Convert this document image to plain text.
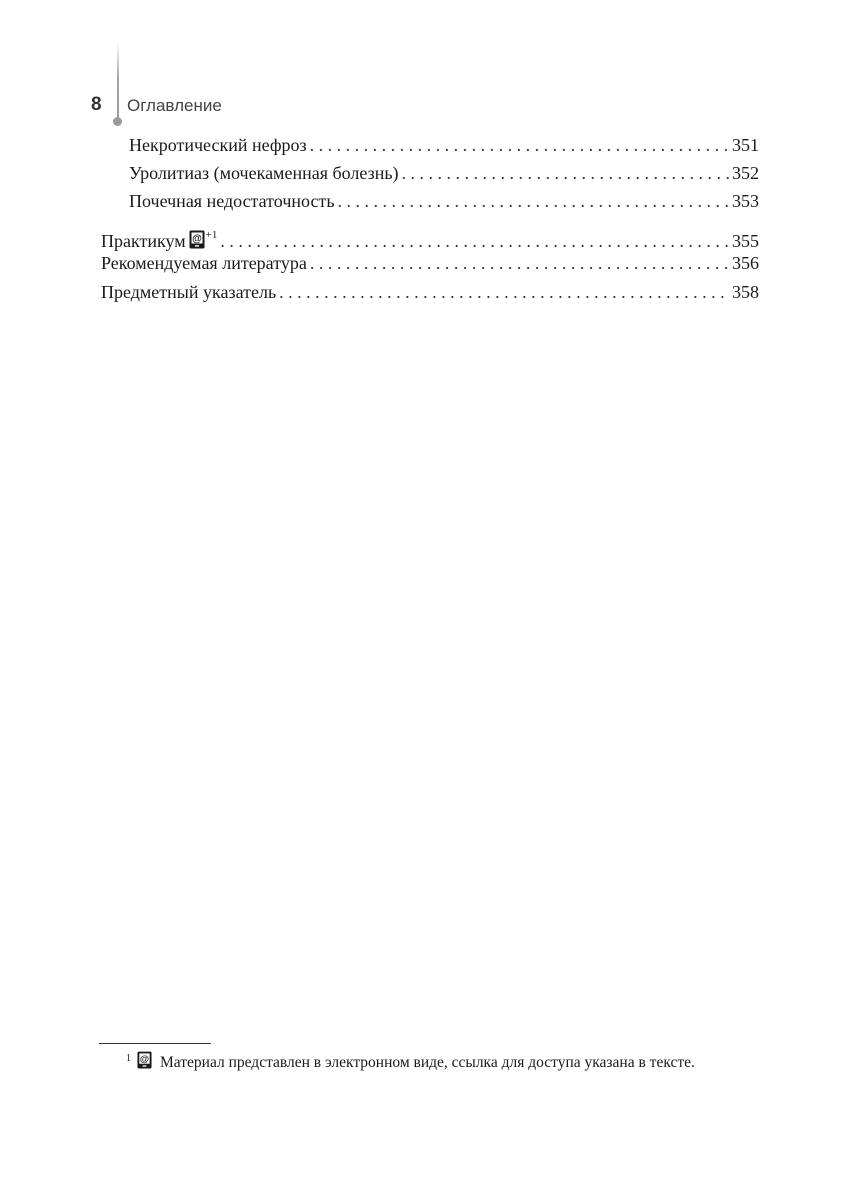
8 Оглавление
Некротический нефроз . . .	351
Уролитиаз (мочекаменная болезнь) . . .	352
Почечная недостаточность . . .	353
Практикум @ $^{+1}$ . . .	355
Рекомендуемая литература . . .	356
Предметный указатель . . .	358
$^1$ @ Материал представлен в электронном виде, ссылка для доступа указана в тексте.
